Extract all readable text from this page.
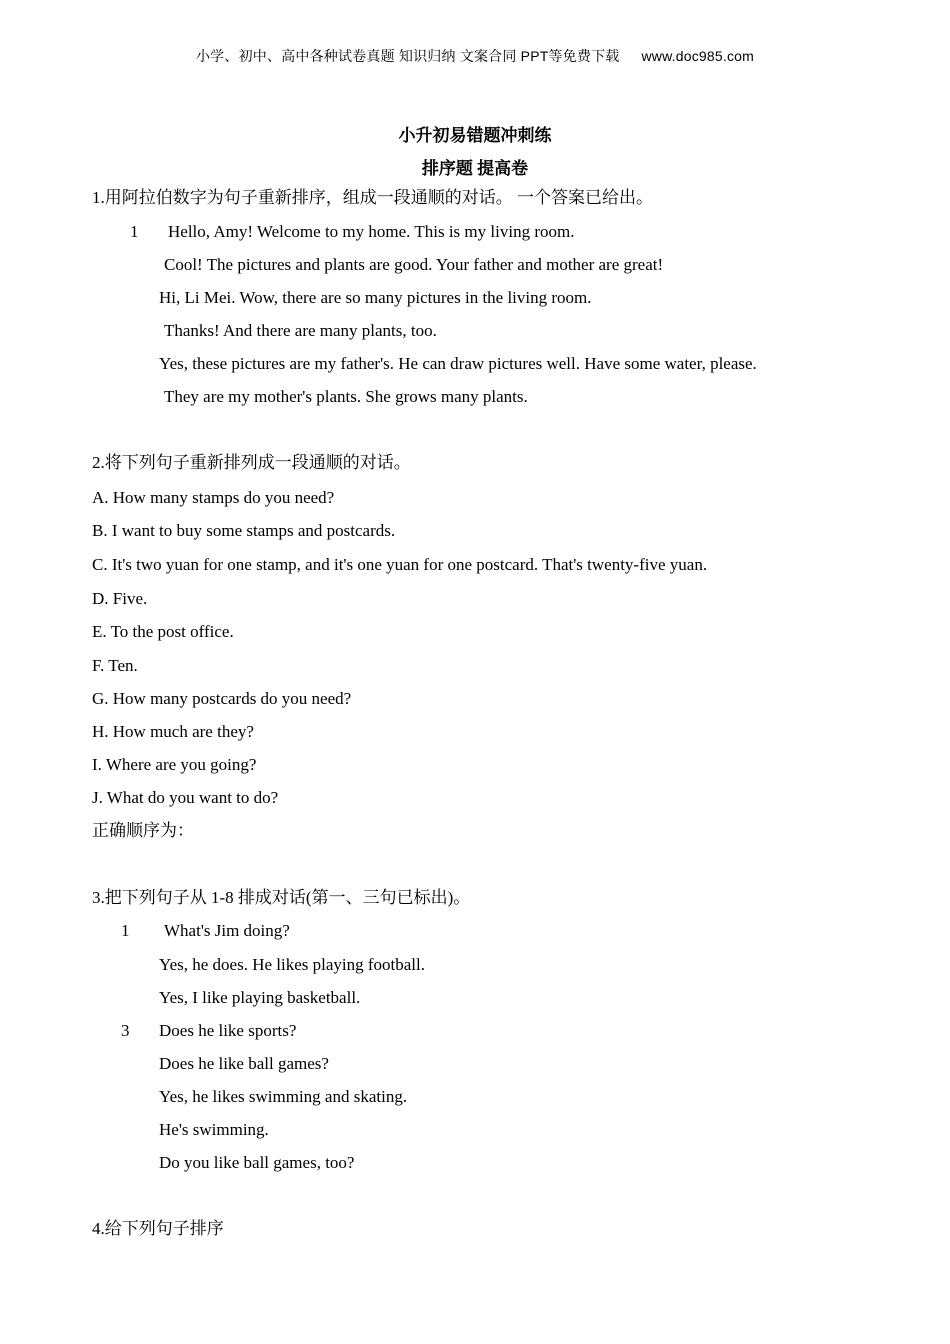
小学、初中、高中各种试卷真题 知识归纳 文案合同 PPT等免费下载 www.doc985.com
小升初易错题冲刺练
排序题 提高卷
1.用阿拉伯数字为句子重新排序，组成一段通顺的对话。 一个答案已给出。
1 Hello, Amy! Welcome to my home. This is my living room.
Cool! The pictures and plants are good. Your father and mother are great!
Hi, Li Mei. Wow, there are so many pictures in the living room.
Thanks! And there are many plants, too.
Yes, these pictures are my father's. He can draw pictures well. Have some water, please.
They are my mother's plants. She grows many plants.
2.将下列句子重新排列成一段通顺的对话。
A. How many stamps do you need?
B. I want to buy some stamps and postcards.
C. It's two yuan for one stamp, and it's one yuan for one postcard. That's twenty-five yuan.
D. Five.
E. To the post office.
F. Ten.
G. How many postcards do you need?
H. How much are they?
I. Where are you going?
J. What do you want to do?
正确顺序为：
3.把下列句子从 1-8 排成对话(第一、三句已标出)。
1 What's Jim doing?
Yes, he does. He likes playing football.
Yes, I like playing basketball.
3 Does he like sports?
Does he like ball games?
Yes, he likes swimming and skating.
He's swimming.
Do you like ball games, too?
4.给下列句子排序
